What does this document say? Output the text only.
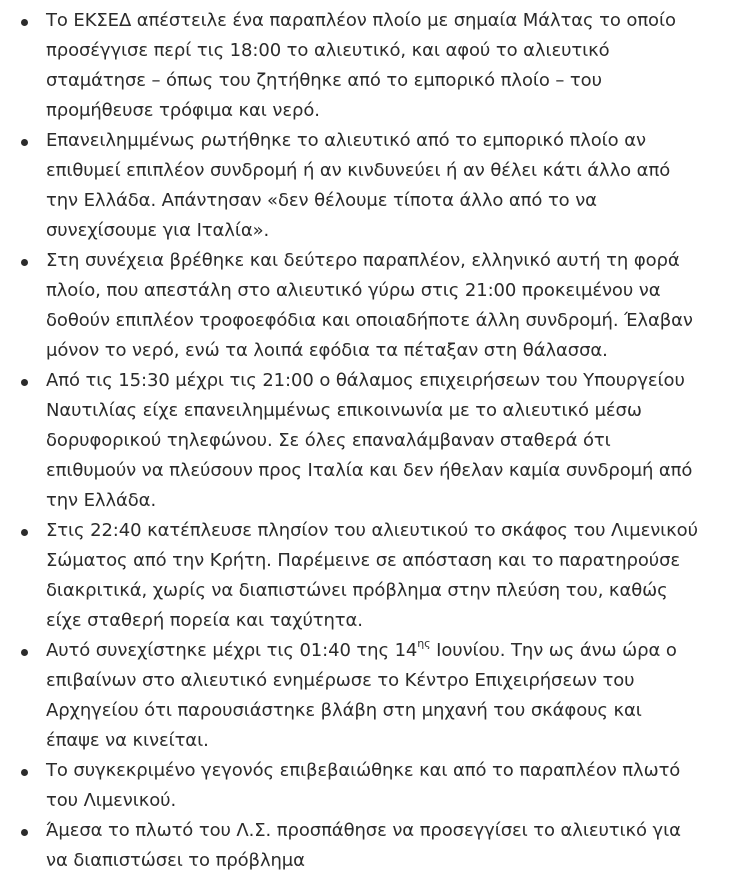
Το ΕΚΣΕΔ απέστειλε ένα παραπλέον πλοίο με σημαία Μάλτας το οποίο προσέγγισε περί τις 18:00 το αλιευτικό, και αφού το αλιευτικό σταμάτησε – όπως του ζητήθηκε από το εμπορικό πλοίο – του προμήθευσε τρόφιμα και νερό.
Επανειλημμένως ρωτήθηκε το αλιευτικό από το εμπορικό πλοίο αν επιθυμεί επιπλέον συνδρομή ή αν κινδυνεύει ή αν θέλει κάτι άλλο από την Ελλάδα. Απάντησαν «δεν θέλουμε τίποτα άλλο από το να συνεχίσουμε για Ιταλία».
Στη συνέχεια βρέθηκε και δεύτερο παραπλέον, ελληνικό αυτή τη φορά πλοίο, που απεστάλη στο αλιευτικό γύρω στις 21:00 προκειμένου να δοθούν επιπλέον τροφοεφόδια και οποιαδήποτε άλλη συνδρομή. Έλαβαν μόνον το νερό, ενώ τα λοιπά εφόδια τα πέταξαν στη θάλασσα.
Από τις 15:30 μέχρι τις 21:00 ο θάλαμος επιχειρήσεων του Υπουργείου Ναυτιλίας είχε επανειλημμένως επικοινωνία με το αλιευτικό μέσω δορυφορικού τηλεφώνου. Σε όλες επαναλάμβαναν σταθερά ότι επιθυμούν να πλεύσουν προς Ιταλία και δεν ήθελαν καμία συνδρομή από την Ελλάδα.
Στις 22:40 κατέπλευσε πλησίον του αλιευτικού το σκάφος του Λιμενικού Σώματος από την Κρήτη. Παρέμεινε σε απόσταση και το παρατηρούσε διακριτικά, χωρίς να διαπιστώνει πρόβλημα στην πλεύση του, καθώς είχε σταθερή πορεία και ταχύτητα.
Αυτό συνεχίστηκε μέχρι τις 01:40 της $14^{\eta\varsigma}$ Ιουνίου. Την ως άνω ώρα ο επιβαίνων στο αλιευτικό ενημέρωσε το Κέντρο Επιχειρήσεων του Αρχηγείου ότι παρουσιάστηκε βλάβη στη μηχανή του σκάφους και έπαψε να κινείται.
Το συγκεκριμένο γεγονός επιβεβαιώθηκε και από το παραπλέον πλωτό του Λιμενικού.
Άμεσα το πλωτό του Λ.Σ. προσπάθησε να προσεγγίσει το αλιευτικό για να διαπιστώσει το πρόβλημα
